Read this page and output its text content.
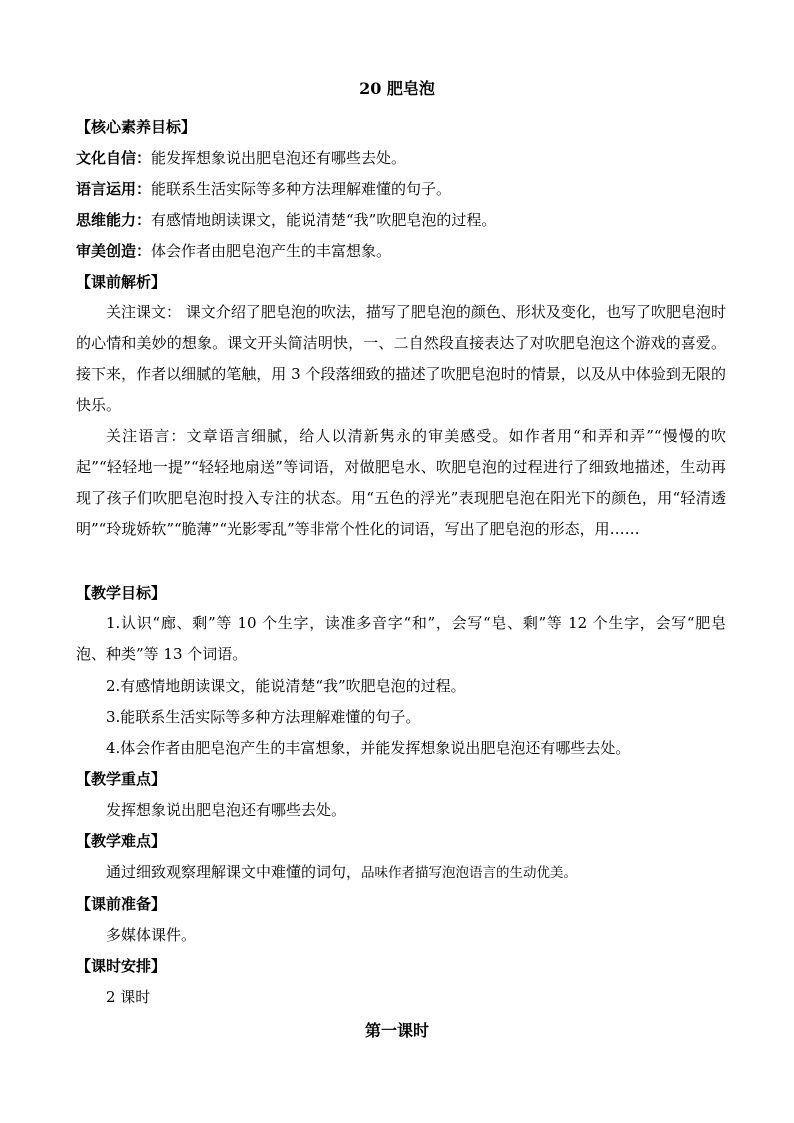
20 肥皂泡
【核心素养目标】
文化自信：能发挥想象说出肥皂泡还有哪些去处。
语言运用：能联系生活实际等多种方法理解难懂的句子。
思维能力：有感情地朗读课文，能说清楚“我”吹肥皂泡的过程。
审美创造：体会作者由肥皂泡产生的丰富想象。
【课前解析】
关注课文： 课文介绍了肥皂泡的吹法，描写了肥皂泡的颜色、形状及变化，也写了吹肥皂泡时的心情和美妙的想象。课文开头简洁明快，一、二自然段直接表达了对吹肥皂泡这个游戏的喜爱。接下来，作者以细腻的笔触，用 3 个段落细致的描述了吹肥皂泡时的情景，以及从中体验到无限的快乐。
关注语言：文章语言细腻，给人以清新隽永的审美感受。如作者用“和弄和弄”“慢慢的吹起”“轻轻地一提”“轻轻地扇送”等词语，对做肥皂水、吹肥皂泡的过程进行了细致地描述，生动再现了孩子们吹肥皂泡时投入专注的状态。用“五色的浮光”表现肥皂泡在阳光下的颜色，用“轻清透明”“玲珑娇软”“脆薄”“光影零乱”等非常个性化的词语，写出了肥皂泡的形态，用……
【教学目标】
1.认识“廊、剩”等 10 个生字，读准多音字“和”，会写“皂、剩”等 12 个生字，会写“肥皂泡、种类”等 13 个词语。
2.有感情地朗读课文，能说清楚“我”吹肥皂泡的过程。
3.能联系生活实际等多种方法理解难懂的句子。
4.体会作者由肥皂泡产生的丰富想象，并能发挥想象说出肥皂泡还有哪些去处。
【教学重点】
发挥想象说出肥皂泡还有哪些去处。
【教学难点】
通过细致观察理解课文中难懂的词句，品味作者描写泡泡语言的生动优美。
【课前准备】
多媒体课件。
【课时安排】
2 课时
第一课时
